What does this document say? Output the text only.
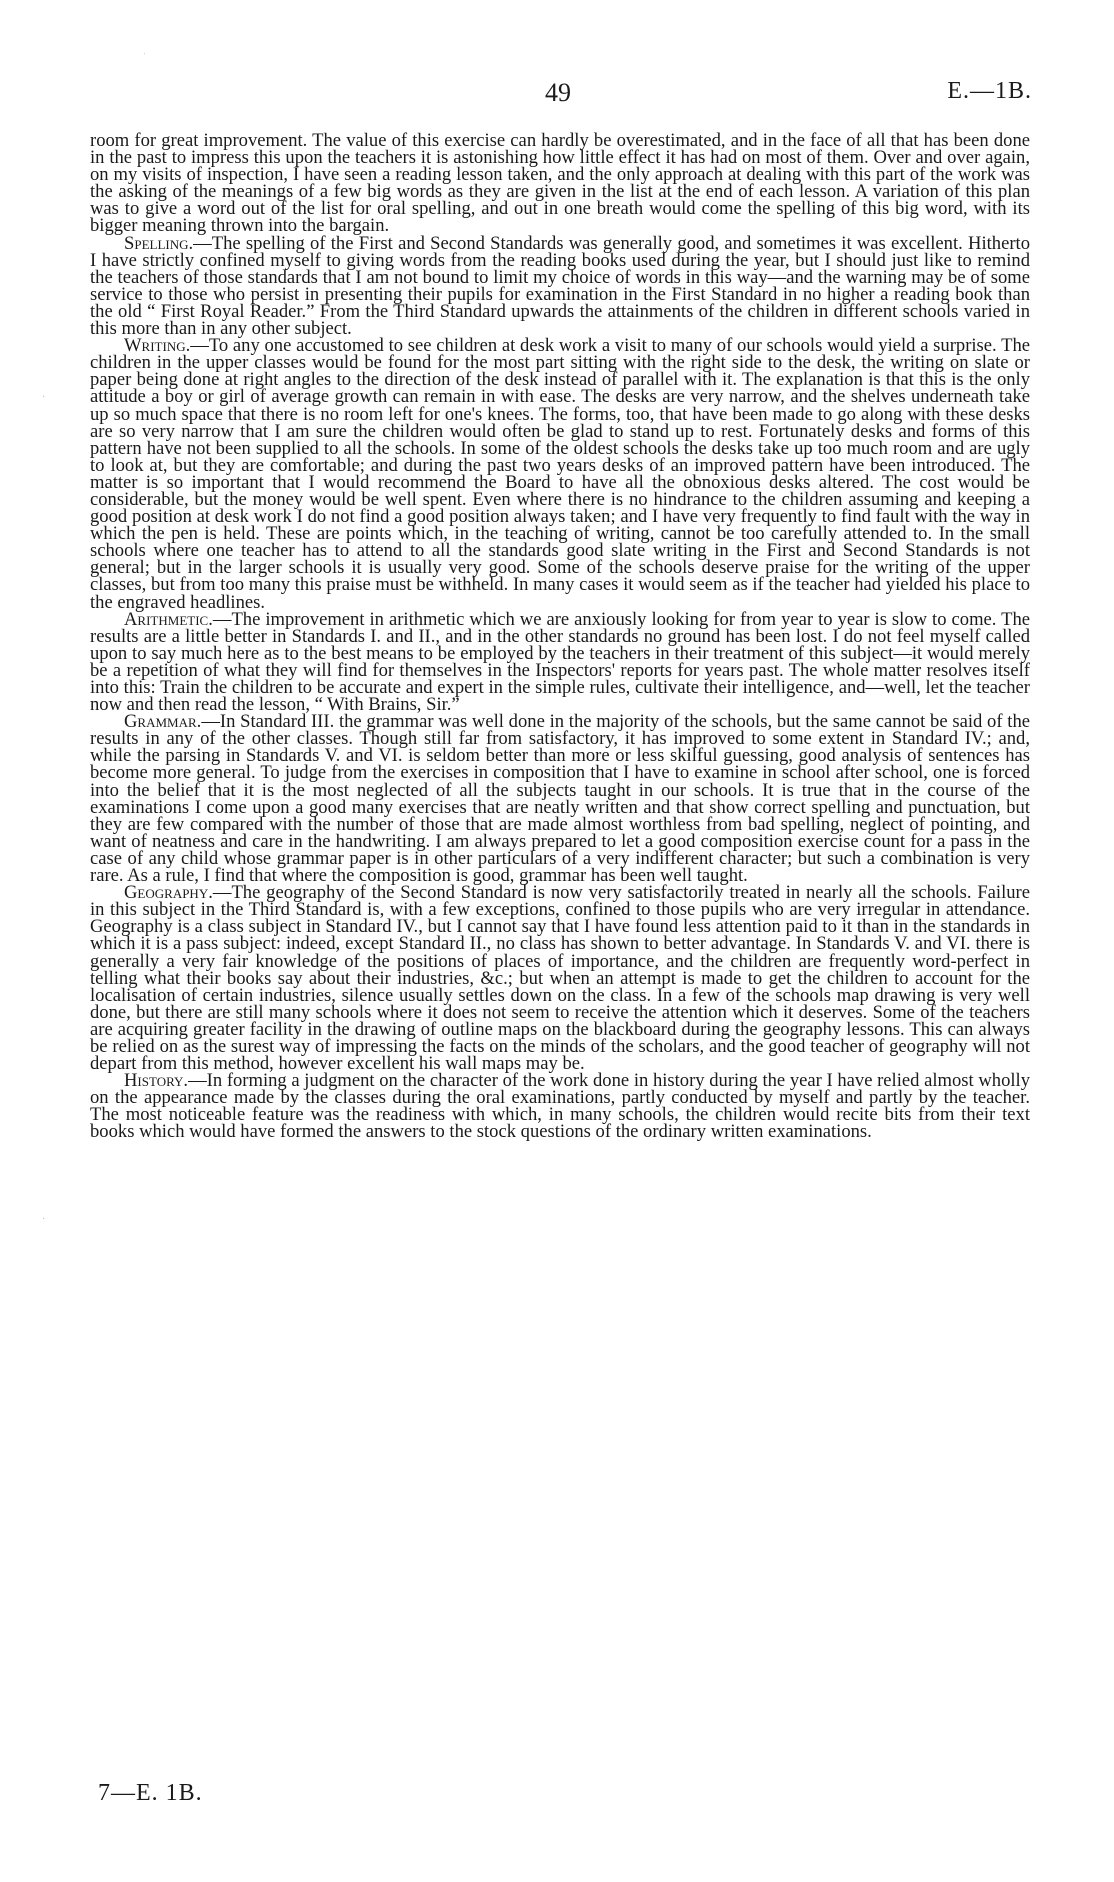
ˈ
·
·
49	E.—1B.

room for great improvement. The value of this exercise can hardly be overestimated, and in the face of all that has been done in the past to impress this upon the teachers it is astonishing how little effect it has had on most of them. Over and over again, on my visits of inspection, I have seen a reading lesson taken, and the only approach at dealing with this part of the work was the asking of the meanings of a few big words as they are given in the list at the end of each lesson. A variation of this plan was to give a word out of the list for oral spelling, and out in one breath would come the spelling of this big word, with its bigger meaning thrown into the bargain.

Spelling.—The spelling of the First and Second Standards was generally good, and sometimes it was excellent. Hitherto I have strictly confined myself to giving words from the reading books used during the year, but I should just like to remind the teachers of those standards that I am not bound to limit my choice of words in this way—and the warning may be of some service to those who persist in presenting their pupils for examination in the First Standard in no higher a reading book than the old “ First Royal Reader.” From the Third Standard upwards the attainments of the children in different schools varied in this more than in any other subject.

Writing.—To any one accustomed to see children at desk work a visit to many of our schools would yield a surprise. The children in the upper classes would be found for the most part sitting with the right side to the desk, the writing on slate or paper being done at right angles to the direction of the desk instead of parallel with it. The explanation is that this is the only attitude a boy or girl of average growth can remain in with ease. The desks are very narrow, and the shelves underneath take up so much space that there is no room left for one's knees. The forms, too, that have been made to go along with these desks are so very narrow that I am sure the children would often be glad to stand up to rest. Fortunately desks and forms of this pattern have not been supplied to all the schools. In some of the oldest schools the desks take up too much room and are ugly to look at, but they are comfortable; and during the past two years desks of an improved pattern have been introduced. The matter is so important that I would recommend the Board to have all the obnoxious desks altered. The cost would be considerable, but the money would be well spent. Even where there is no hindrance to the children assuming and keeping a good position at desk work I do not find a good position always taken; and I have very frequently to find fault with the way in which the pen is held. These are points which, in the teaching of writing, cannot be too carefully attended to. In the small schools where one teacher has to attend to all the standards good slate writing in the First and Second Standards is not general; but in the larger schools it is usually very good. Some of the schools deserve praise for the writing of the upper classes, but from too many this praise must be withheld. In many cases it would seem as if the teacher had yielded his place to the engraved headlines.

Arithmetic.—The improvement in arithmetic which we are anxiously looking for from year to year is slow to come. The results are a little better in Standards I. and II., and in the other standards no ground has been lost. I do not feel myself called upon to say much here as to the best means to be employed by the teachers in their treatment of this subject—it would merely be a repetition of what they will find for themselves in the Inspectors' reports for years past. The whole matter resolves itself into this: Train the children to be accurate and expert in the simple rules, cultivate their intelligence, and—well, let the teacher now and then read the lesson, “ With Brains, Sir.”

Grammar.—In Standard III. the grammar was well done in the majority of the schools, but the same cannot be said of the results in any of the other classes. Though still far from satisfactory, it has improved to some extent in Standard IV.; and, while the parsing in Standards V. and VI. is seldom better than more or less skilful guessing, good analysis of sentences has become more general. To judge from the exercises in composition that I have to examine in school after school, one is forced into the belief that it is the most neglected of all the subjects taught in our schools. It is true that in the course of the examinations I come upon a good many exercises that are neatly written and that show correct spelling and punctuation, but they are few compared with the number of those that are made almost worthless from bad spelling, neglect of pointing, and want of neatness and care in the handwriting. I am always prepared to let a good composition exercise count for a pass in the case of any child whose grammar paper is in other particulars of a very indifferent character; but such a combination is very rare. As a rule, I find that where the composition is good, grammar has been well taught.

Geography.—The geography of the Second Standard is now very satisfactorily treated in nearly all the schools. Failure in this subject in the Third Standard is, with a few exceptions, confined to those pupils who are very irregular in attendance. Geography is a class subject in Standard IV., but I cannot say that I have found less attention paid to it than in the standards in which it is a pass subject: indeed, except Standard II., no class has shown to better advantage. In Standards V. and VI. there is generally a very fair knowledge of the positions of places of importance, and the children are frequently word-perfect in telling what their books say about their industries, &c.; but when an attempt is made to get the children to account for the localisation of certain industries, silence usually settles down on the class. In a few of the schools map drawing is very well done, but there are still many schools where it does not seem to receive the attention which it deserves. Some of the teachers are acquiring greater facility in the drawing of outline maps on the blackboard during the geography lessons. This can always be relied on as the surest way of impressing the facts on the minds of the scholars, and the good teacher of geography will not depart from this method, however excellent his wall maps may be.

History.—In forming a judgment on the character of the work done in history during the year I have relied almost wholly on the appearance made by the classes during the oral examinations, partly conducted by myself and partly by the teacher. The most noticeable feature was the readiness with which, in many schools, the children would recite bits from their text books which would have formed the answers to the stock questions of the ordinary written examinations.

7—E. 1B.
